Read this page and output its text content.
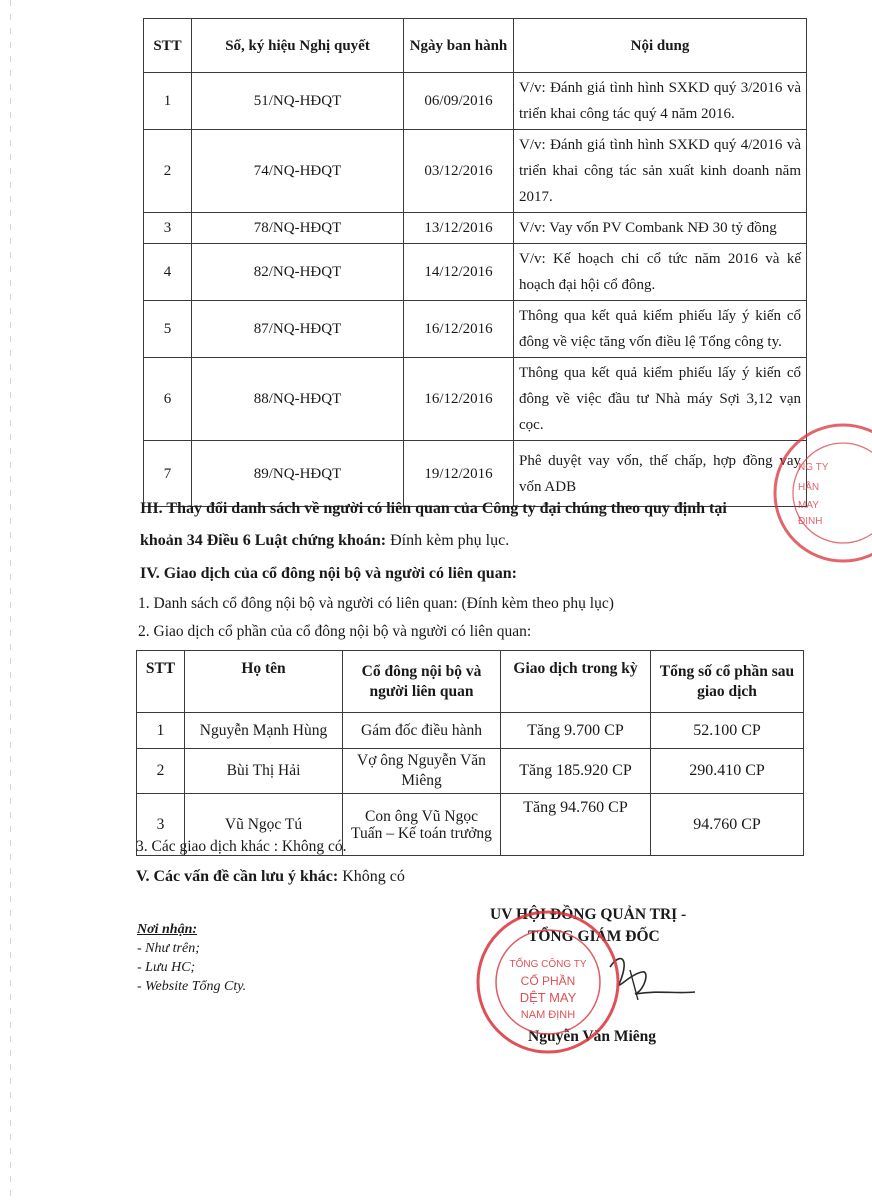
STT	Số, ký hiệu Nghị quyết	Ngày ban hành	Nội dung
1	51/NQ-HĐQT	06/09/2016	V/v: Đánh giá tình hình SXKD quý 3/2016 và triển khai công tác quý 4 năm 2016.
2	74/NQ-HĐQT	03/12/2016	V/v: Đánh giá tình hình SXKD quý 4/2016 và triển khai công tác sản xuất kinh doanh năm 2017.
3	78/NQ-HĐQT	13/12/2016	V/v: Vay vốn PV Combank NĐ 30 tỷ đồng
4	82/NQ-HĐQT	14/12/2016	V/v: Kế hoạch chi cổ tức năm 2016 và kế hoạch đại hội cổ đông.
5	87/NQ-HĐQT	16/12/2016	Thông qua kết quả kiểm phiếu lấy ý kiến cổ đông về việc tăng vốn điều lệ Tổng công ty.
6	88/NQ-HĐQT	16/12/2016	Thông qua kết quả kiểm phiếu lấy ý kiến cổ đông về việc đầu tư Nhà máy Sợi 3,12 vạn cọc.
7	89/NQ-HĐQT	19/12/2016	Phê duyệt vay vốn, thế chấp, hợp đồng vay vốn ADB
III. Thay đổi danh sách về người có liên quan của Công ty đại chúng theo quy định tại
khoản 34 Điều 6 Luật chứng khoán: Đính kèm phụ lục.
IV. Giao dịch của cổ đông nội bộ và người có liên quan:
1. Danh sách cổ đông nội bộ và người có liên quan: (Đính kèm theo phụ lục)
2. Giao dịch cổ phần của cổ đông nội bộ và người có liên quan:
STT	Họ tên	Cổ đông nội bộ và người liên quan	Giao dịch trong kỳ	Tổng số cổ phần sau giao dịch
1	Nguyễn Mạnh Hùng	Gám đốc điều hành	Tăng 9.700 CP	52.100 CP
2	Bùi Thị Hải	Vợ ông Nguyễn Văn Miêng	Tăng 185.920 CP	290.410 CP
3	Vũ Ngọc Tú	Con ông Vũ Ngọc Tuấn – Kế toán trưởng	Tăng 94.760 CP	94.760 CP
3. Các giao dịch khác : Không có.
V. Các vấn đề cần lưu ý khác: Không có
Nơi nhận:
- Như trên;
- Lưu HC;
- Website Tổng Cty.
UV HỘI ĐỒNG QUẢN TRỊ -
TỔNG GIÁM ĐỐC
Nguyễn Văn Miêng
TỔNG CÔNG TY
CỔ PHẦN
DỆT MAY
NAM ĐỊNH
NG TY
HẦN
MAY
ĐỊNH
